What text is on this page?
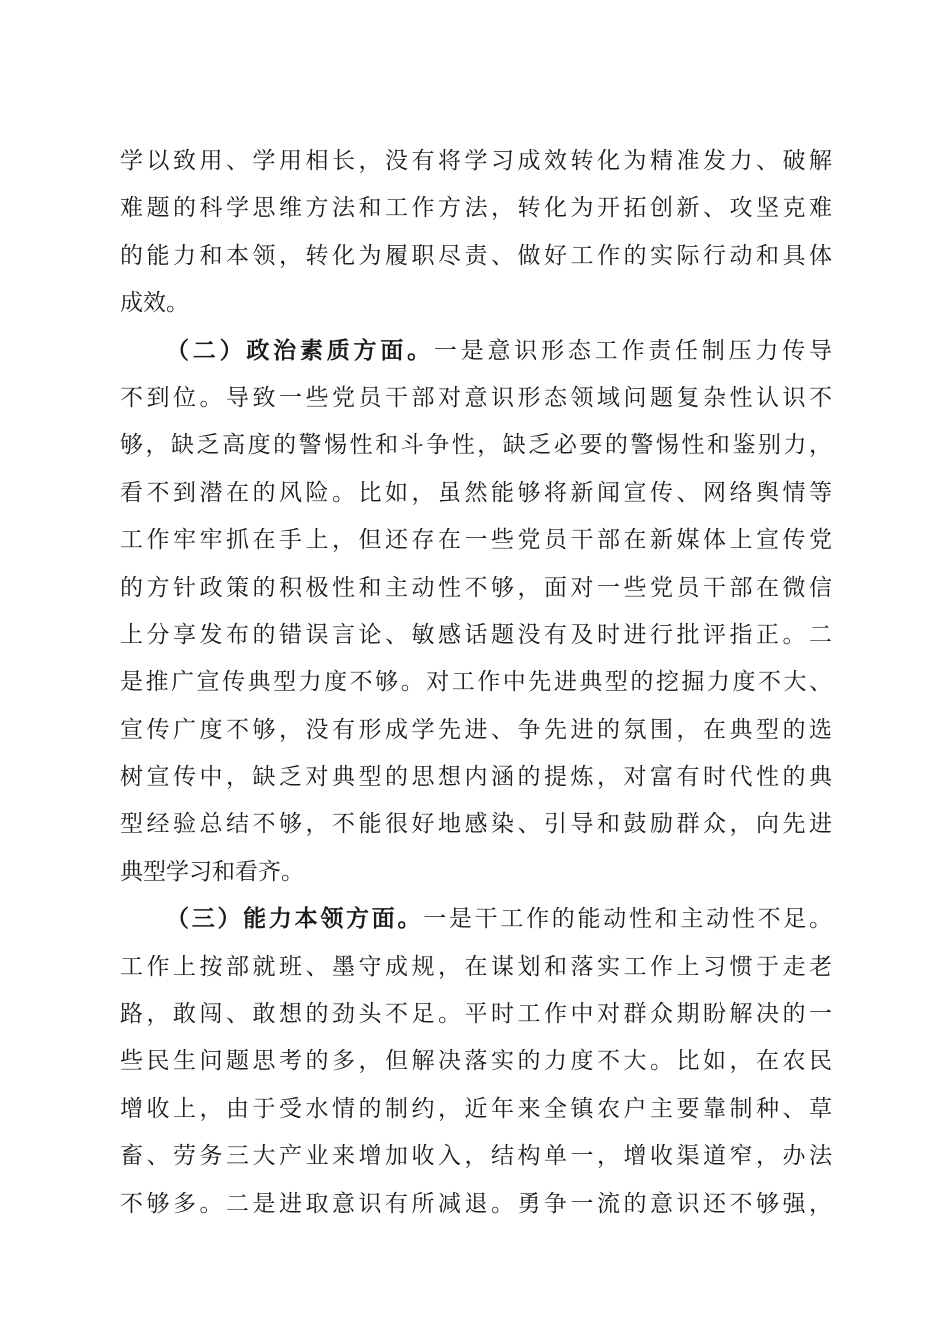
学以致用、学用相长，没有将学习成效转化为精准发力、破解
难题的科学思维方法和工作方法，转化为开拓创新、攻坚克难
的能力和本领，转化为履职尽责、做好工作的实际行动和具体
成效。
（二）政治素质方面。一是意识形态工作责任制压力传导
不到位。导致一些党员干部对意识形态领域问题复杂性认识不
够，缺乏高度的警惕性和斗争性，缺乏必要的警惕性和鉴别力，
看不到潜在的风险。比如，虽然能够将新闻宣传、网络舆情等
工作牢牢抓在手上，但还存在一些党员干部在新媒体上宣传党
的方针政策的积极性和主动性不够，面对一些党员干部在微信
上分享发布的错误言论、敏感话题没有及时进行批评指正。二
是推广宣传典型力度不够。对工作中先进典型的挖掘力度不大、
宣传广度不够，没有形成学先进、争先进的氛围，在典型的选
树宣传中，缺乏对典型的思想内涵的提炼，对富有时代性的典
型经验总结不够，不能很好地感染、引导和鼓励群众，向先进
典型学习和看齐。
（三）能力本领方面。一是干工作的能动性和主动性不足。
工作上按部就班、墨守成规，在谋划和落实工作上习惯于走老
路，敢闯、敢想的劲头不足。平时工作中对群众期盼解决的一
些民生问题思考的多，但解决落实的力度不大。比如，在农民
增收上，由于受水情的制约，近年来全镇农户主要靠制种、草
畜、劳务三大产业来增加收入，结构单一，增收渠道窄，办法
不够多。二是进取意识有所减退。勇争一流的意识还不够强，
